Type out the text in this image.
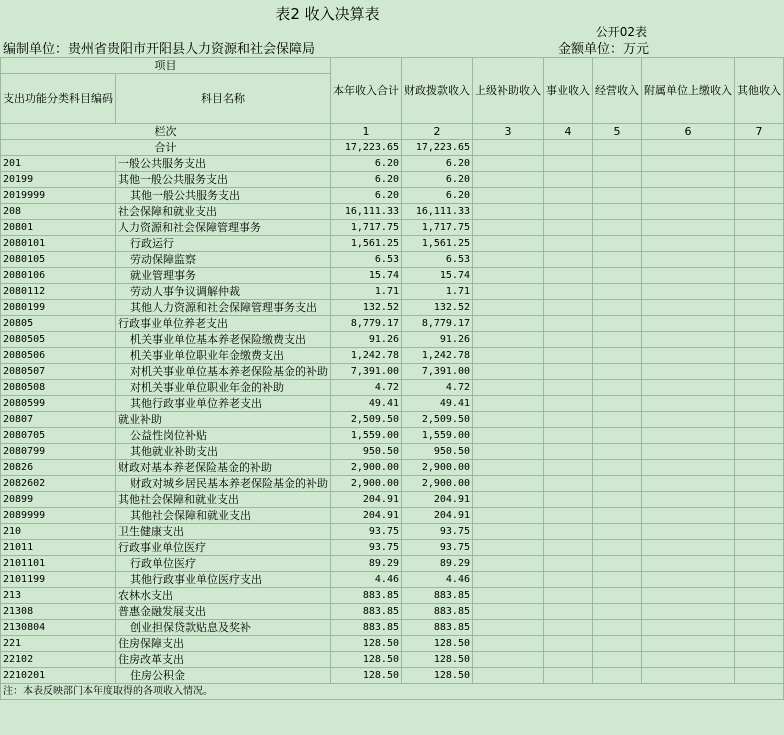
表2 收入决算表
公开02表
编制单位：贵州省贵阳市开阳县人力资源和社会保障局	金额单位：万元
项目		本年收入合计	财政拨款收入	上级补助收入	事业收入	经营收入	附属单位上缴收入	其他收入
支出功能分类科目编码	科目名称							
栏次		1	2	3	4	5	6	7
合计		17,223.65	17,223.65					
201	一般公共服务支出	6.20	6.20					
20199	其他一般公共服务支出	6.20	6.20					
2019999	其他一般公共服务支出	6.20	6.20					
208	社会保障和就业支出	16,111.33	16,111.33					
20801	人力资源和社会保障管理事务	1,717.75	1,717.75					
2080101	行政运行	1,561.25	1,561.25					
2080105	劳动保障监察	6.53	6.53					
2080106	就业管理事务	15.74	15.74					
2080112	劳动人事争议调解仲裁	1.71	1.71					
2080199	其他人力资源和社会保障管理事务支出	132.52	132.52					
20805	行政事业单位养老支出	8,779.17	8,779.17					
2080505	机关事业单位基本养老保险缴费支出	91.26	91.26					
2080506	机关事业单位职业年金缴费支出	1,242.78	1,242.78					
2080507	对机关事业单位基本养老保险基金的补助	7,391.00	7,391.00					
2080508	对机关事业单位职业年金的补助	4.72	4.72					
2080599	其他行政事业单位养老支出	49.41	49.41					
20807	就业补助	2,509.50	2,509.50					
2080705	公益性岗位补贴	1,559.00	1,559.00					
2080799	其他就业补助支出	950.50	950.50					
20826	财政对基本养老保险基金的补助	2,900.00	2,900.00					
2082602	财政对城乡居民基本养老保险基金的补助	2,900.00	2,900.00					
20899	其他社会保障和就业支出	204.91	204.91					
2089999	其他社会保障和就业支出	204.91	204.91					
210	卫生健康支出	93.75	93.75					
21011	行政事业单位医疗	93.75	93.75					
2101101	行政单位医疗	89.29	89.29					
2101199	其他行政事业单位医疗支出	4.46	4.46					
213	农林水支出	883.85	883.85					
21308	普惠金融发展支出	883.85	883.85					
2130804	创业担保贷款贴息及奖补	883.85	883.85					
221	住房保障支出	128.50	128.50					
22102	住房改革支出	128.50	128.50					
2210201	住房公积金	128.50	128.50					
注：本表反映部门本年度取得的各项收入情况。								
